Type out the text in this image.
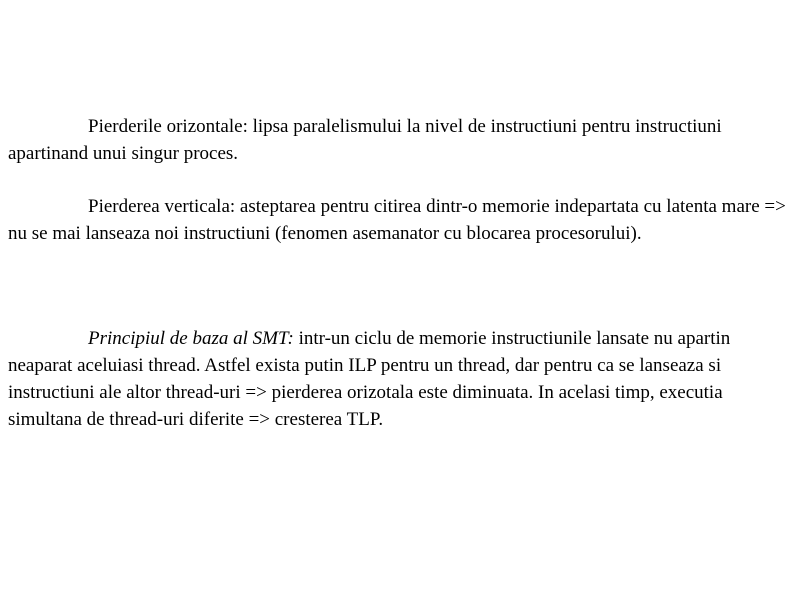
Pierderile orizontale: lipsa paralelismului la nivel de instructiuni pentru instructiuni apartinand unui singur proces.

Pierderea verticala: asteptarea pentru citirea dintr-o memorie indepartata cu latenta mare => nu se mai lanseaza noi instructiuni (fenomen asemanator cu blocarea procesorului).

Principiul de baza al SMT: intr-un ciclu de memorie instructiunile lansate nu apartin neaparat aceluiasi thread. Astfel exista putin ILP pentru un thread, dar pentru ca se lanseaza si instructiuni ale altor thread-uri => pierderea orizotala este diminuata. In acelasi timp, executia simultana de thread-uri diferite => cresterea TLP.
